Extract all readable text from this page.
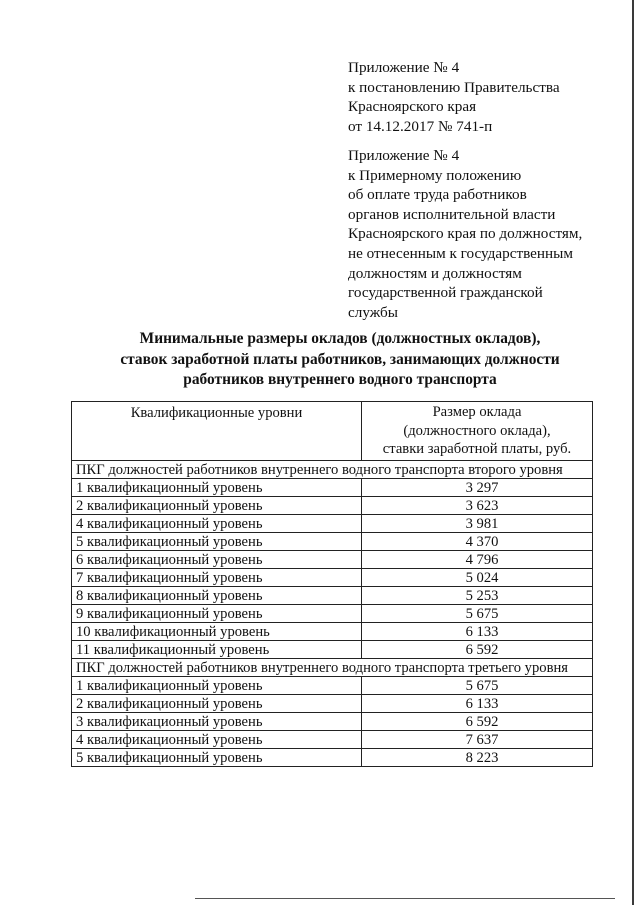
Приложение № 4
к постановлению Правительства
Красноярского края
от 14.12.2017 № 741-п
Приложение № 4
к Примерному положению
об оплате труда работников
органов исполнительной власти
Красноярского края по должностям,
не отнесенным к государственным
должностям и должностям
государственной гражданской
службы
Минимальные размеры окладов (должностных окладов),
ставок заработной платы работников, занимающих должности
работников внутреннего водного транспорта
Квалификационные уровни	Размер оклада
(должностного оклада),
ставки заработной платы, руб.

ПКГ должностей работников внутреннего водного транспорта второго уровня	
1 квалификационный уровень	3 297
2 квалификационный уровень	3 623
4 квалификационный уровень	3 981
5 квалификационный уровень	4 370
6 квалификационный уровень	4 796
7 квалификационный уровень	5 024
8 квалификационный уровень	5 253
9 квалификационный уровень	5 675
10 квалификационный уровень	6 133
11 квалификационный уровень	6 592
ПКГ должностей работников внутреннего водного транспорта третьего уровня	
1 квалификационный уровень	5 675
2 квалификационный уровень	6 133
3 квалификационный уровень	6 592
4 квалификационный уровень	7 637
5 квалификационный уровень	8 223
